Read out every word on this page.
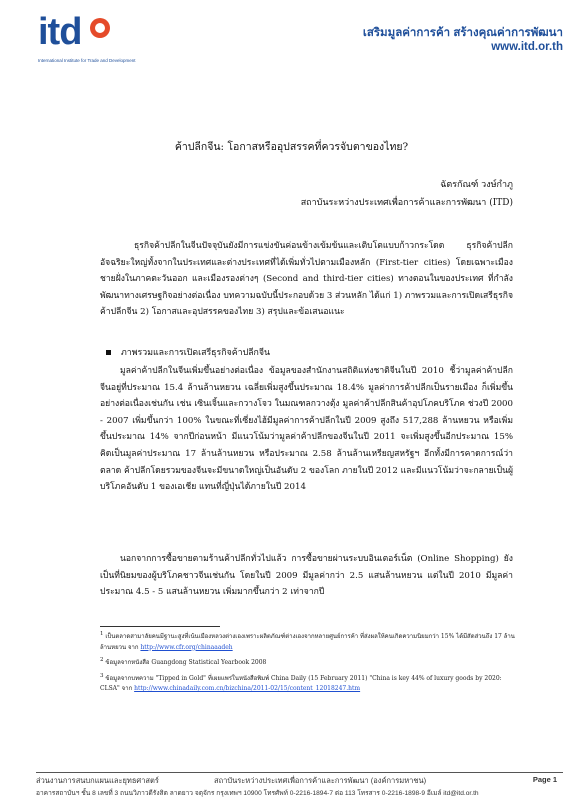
itd
International Institute for Trade and Development
เสริมมูลค่าการค้า สร้างคุณค่าการพัฒนา
www.itd.or.th
ค้าปลีกจีน: โอกาสหรืออุปสรรคที่ควรจับตาของไทย?
ฉัตรกัณฑ์ วงษ์กำภู
สถาบันระหว่างประเทศเพื่อการค้าและการพัฒนา (ITD)
ธุรกิจค้าปลีกในจีนปัจจุบันยังมีการแข่งขันค่อนข้างเข้มข้นและเติบโตแบบก้าวกระโดด ธุรกิจค้าปลีกอัจฉริยะใหญ่ทั้งจากในประเทศและต่างประเทศที่ได้เพิ่มทั่วไปตามเมืองหลัก (First-tier cities) โดยเฉพาะเมืองชายฝั่งในภาคตะวันออก และเมืองรองต่างๆ (Second and third-tier cities) ทางตอนในของประเทศ ที่กำลังพัฒนาทางเศรษฐกิจอย่างต่อเนื่อง บทความฉบับนี้ประกอบด้วย 3 ส่วนหลัก ได้แก่ 1) ภาพรวมและการเปิดเสรีธุรกิจค้าปลีกจีน 2) โอกาสและอุปสรรคของไทย 3) สรุปและข้อเสนอแนะ
ภาพรวมและการเปิดเสรีธุรกิจค้าปลีกจีน
มูลค่าค้าปลีกในจีนเพิ่มขึ้นอย่างต่อเนื่อง ข้อมูลของสำนักงานสถิติแห่งชาติจีนในปี 2010 ชี้ว่ามูลค่าค้าปลีกจีนอยู่ที่ประมาณ 15.4 ล้านล้านหยวน เฉลี่ยเพิ่มสูงขึ้นประมาณ 18.4% มูลค่าการค้าปลีกเป็นรายเมือง ก็เพิ่มขึ้นอย่างต่อเนื่องเช่นกัน เช่น เซินเจิ้นและกวางโจว ในมณฑลกวางตุ้ง มูลค่าค้าปลีกสินค้าอุปโภคบริโภค ช่วงปี 2000 - 2007 เพิ่มขึ้นกว่า 100% ในขณะที่เซี่ยงไฮ้มีมูลค่าการค้าปลีกในปี 2009 สูงถึง 517,288 ล้านหยวน หรือเพิ่มขึ้นประมาณ 14% จากปีก่อนหน้า มีแนวโน้มว่ามูลค่าค้าปลีกของจีนในปี 2011 จะเพิ่มสูงขึ้นอีกประมาณ 15% คิดเป็นมูลค่าประมาณ 17 ล้านล้านหยวน หรือประมาณ 2.58 ล้านล้านเหรียญสหรัฐฯ อีกทั้งมีการคาดการณ์ว่าตลาด ค้าปลีกโดยรวมของจีนจะมีขนาดใหญ่เป็นอันดับ 2 ของโลก ภายในปี 2012 และมีแนวโน้มว่าจะกลายเป็นผู้บริโภคอันดับ 1 ของเอเชีย แทนที่ญี่ปุ่นได้ภายในปี 2014
นอกจากการซื้อขายตามร้านค้าปลีกทั่วไปแล้ว การซื้อขายผ่านระบบอินเตอร์เน็ต (Online Shopping) ยังเป็นที่นิยมของผู้บริโภคชาวจีนเช่นกัน โดยในปี 2009 มีมูลค่ากว่า 2.5 แสนล้านหยวน แต่ในปี 2010 มีมูลค่าประมาณ 4.5 - 5 แสนล้านหยวน เพิ่มมากขึ้นกว่า 2 เท่าจากปี
$^1$ เป็นตลาดสามาลัยคนมีฐานะสูงที่เน้นเมืองหลวงต่างเองเพราะผลิตภัณฑ์ต่างเองจากหลายศูนย์การค้า ที่ส่งผลให้คนเกิดความนิยมกว่า 15% ได้มีสัดส่วนถึง 17 ล้านล้านหยวน จาก http://www.cfr.org/chinaaadeh
$^2$ ข้อมูลจากหนังสือ Guangdong Statistical Yearbook 2008
$^3$ ข้อมูลจากบทความ "Tipped in Gold" ที่เผยแพร่ในหนังสือพิมพ์ China Daily (15 February 2011) "China is key 44% of luxury goods by 2020: CLSA" จาก http://www.chinadaily.com.cn/bizchina/2011-02/15/content_12018247.htm
ส่วนงานการสนบกแผนและยุทธศาสตร์	สถาบันระหว่างประเทศเพื่อการค้าและการพัฒนา (องค์การมหาชน)	Page 1
อาคารสถาบันฯ ชั้น 8 เลขที่ 3 ถนนวิภาวดีรังสิต ลาดยาว จตุจักร กรุงเทพฯ 10900 โทรศัพท์ 0-2216-1894-7 ต่อ 113 โทรสาร 0-2216-1898-9 อีเมล์ itd@itd.or.th
